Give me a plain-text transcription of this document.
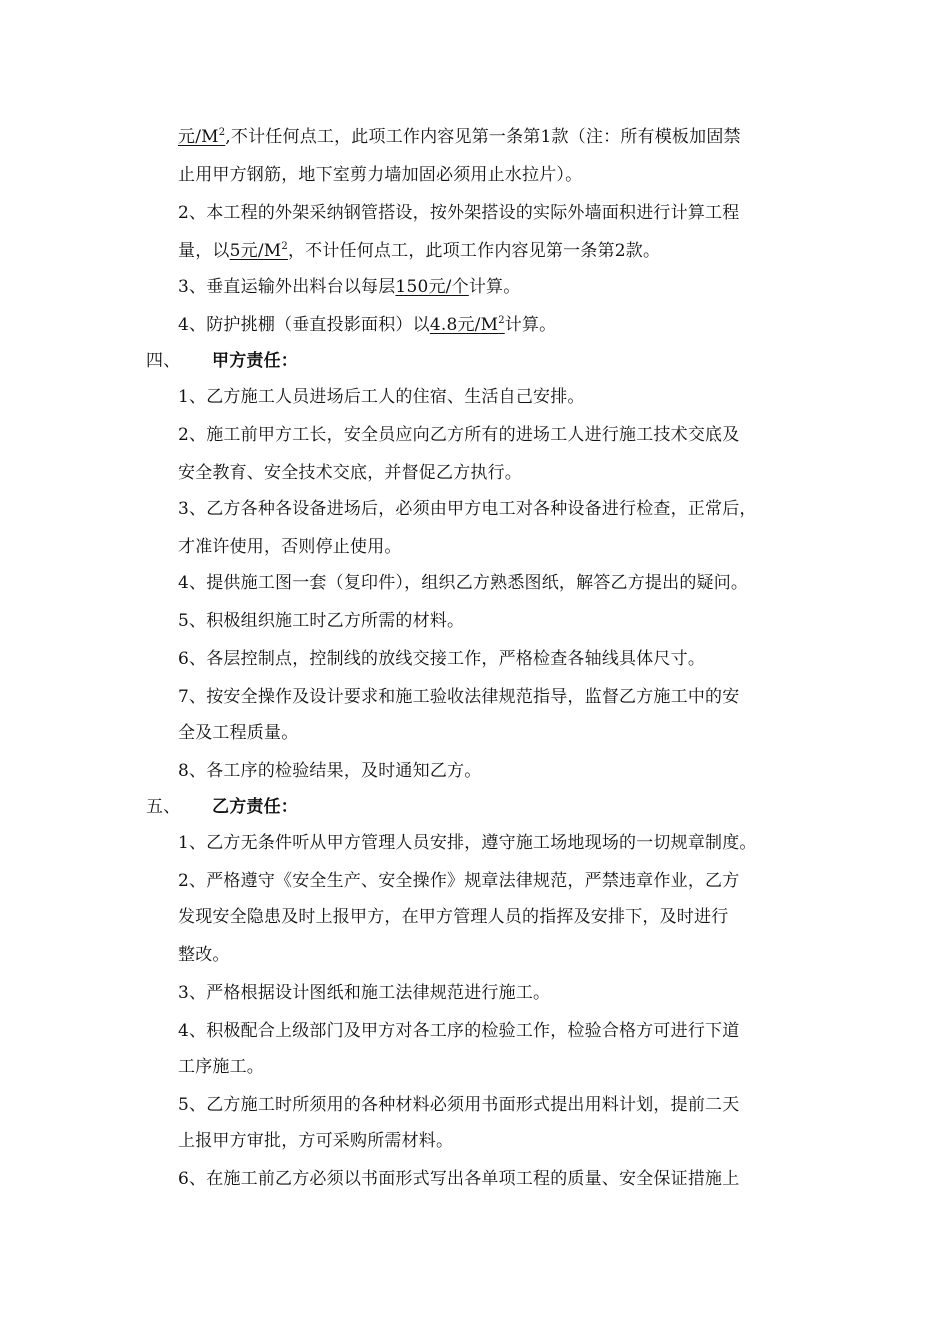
元$/M^2$,不计任何点工，此项工作内容见第一条第1款（注：所有模板加固禁
止用甲方钢筋，地下室剪力墙加固必须用止水拉片）。
2、本工程的外架采纳钢管搭设，按外架搭设的实际外墙面积进行计算工程
量，以5元$/M^2$，不计任何点工，此项工作内容见第一条第2款。
3、垂直运输外出料台以每层150元/个计算。
4、防护挑棚（垂直投影面积）以4.8元$/M^2$计算。
四、 甲方责任：
1、乙方施工人员进场后工人的住宿、生活自己安排。
2、施工前甲方工长，安全员应向乙方所有的进场工人进行施工技术交底及
安全教育、安全技术交底，并督促乙方执行。
3、乙方各种各设备进场后，必须由甲方电工对各种设备进行检查，正常后，
才准许使用，否则停止使用。
4、提供施工图一套（复印件），组织乙方熟悉图纸，解答乙方提出的疑问。
5、积极组织施工时乙方所需的材料。
6、各层控制点，控制线的放线交接工作，严格检查各轴线具体尺寸。
7、按安全操作及设计要求和施工验收法律规范指导，监督乙方施工中的安
全及工程质量。
8、各工序的检验结果，及时通知乙方。
五、 乙方责任：
1、乙方无条件听从甲方管理人员安排，遵守施工场地现场的一切规章制度。
2、严格遵守《安全生产、安全操作》规章法律规范，严禁违章作业，乙方
发现安全隐患及时上报甲方，在甲方管理人员的指挥及安排下，及时进行
整改。
3、严格根据设计图纸和施工法律规范进行施工。
4、积极配合上级部门及甲方对各工序的检验工作，检验合格方可进行下道
工序施工。
5、乙方施工时所须用的各种材料必须用书面形式提出用料计划，提前二天
上报甲方审批，方可采购所需材料。
6、在施工前乙方必须以书面形式写出各单项工程的质量、安全保证措施上
